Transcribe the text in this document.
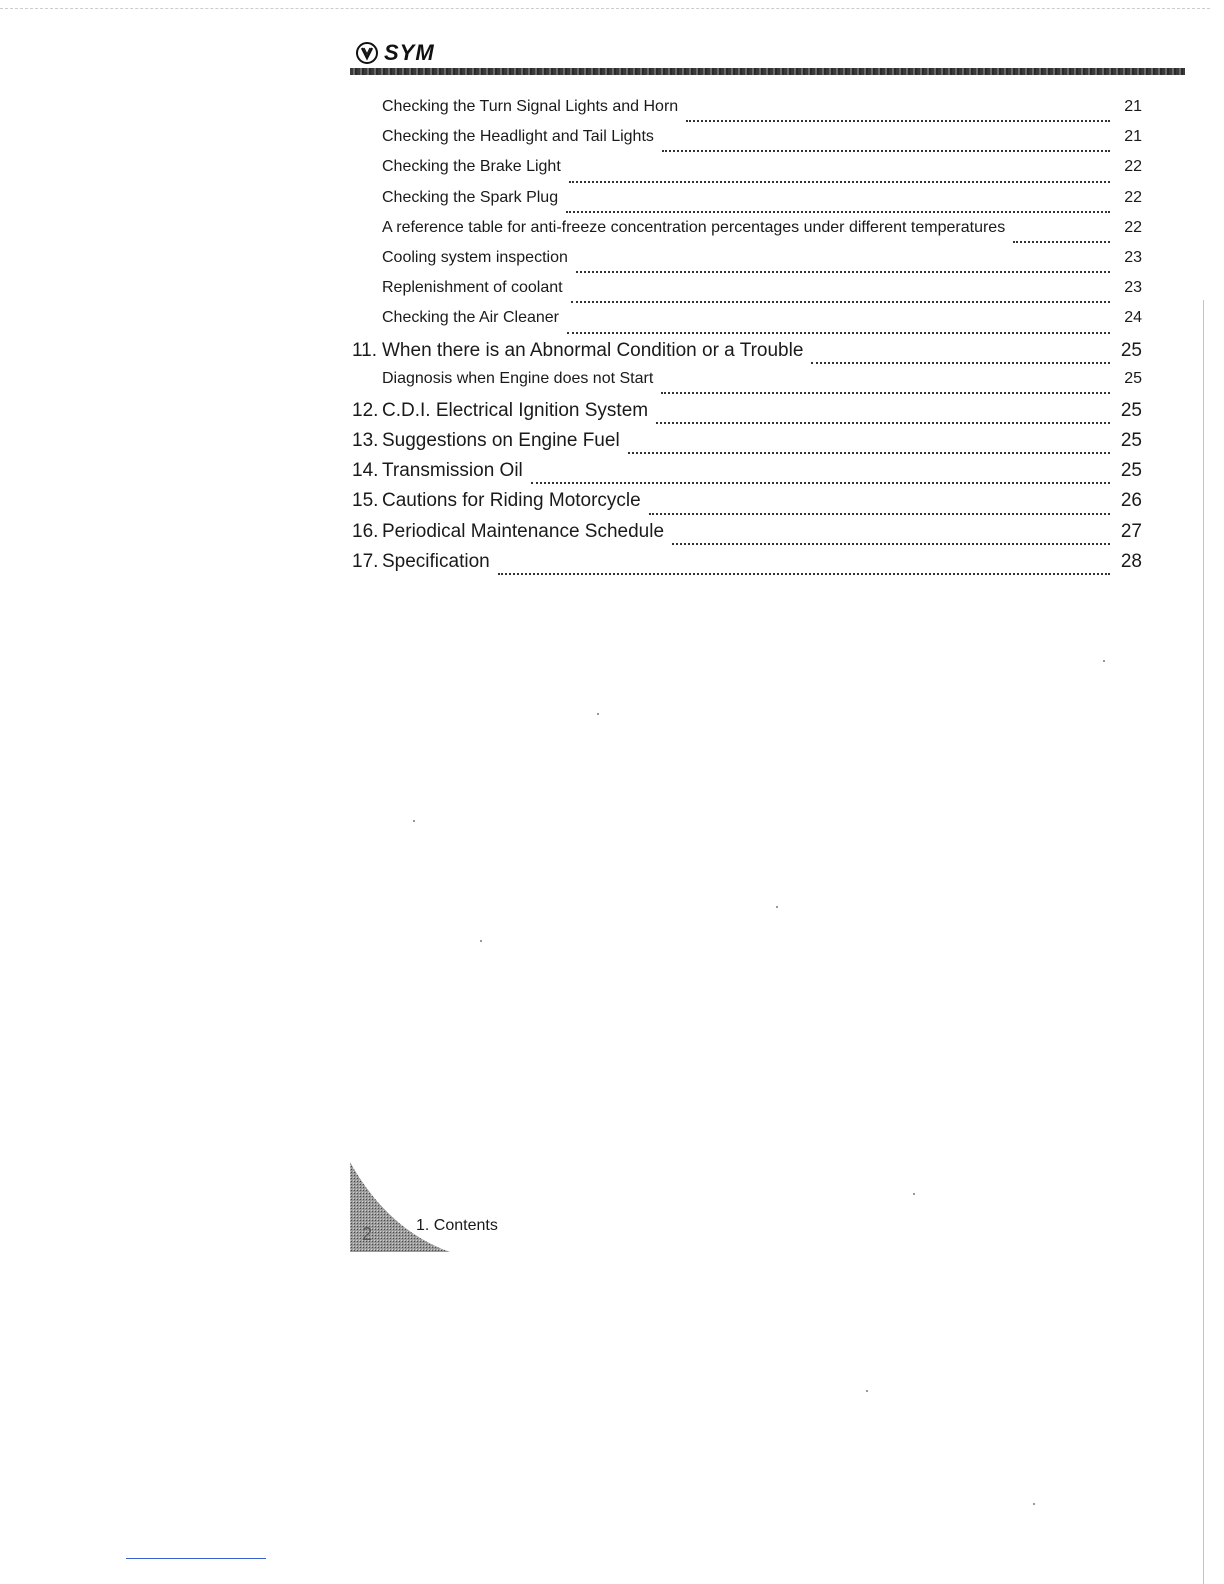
SYM
Checking the Turn Signal Lights and Horn	21
Checking the Headlight and Tail Lights	21
Checking the Brake Light	22
Checking the Spark Plug	22
A reference table for anti-freeze concentration percentages under different temperatures	22
Cooling system inspection	23
Replenishment of coolant	23
Checking the Air Cleaner	24
11. When there is an Abnormal Condition or a Trouble	25
Diagnosis when Engine does not Start	25
12. C.D.I. Electrical Ignition System	25
13. Suggestions on Engine Fuel	25
14. Transmission Oil	25
15. Cautions for Riding Motorcycle	26
16. Periodical Maintenance Schedule	27
17. Specification	28
2	1. Contents
